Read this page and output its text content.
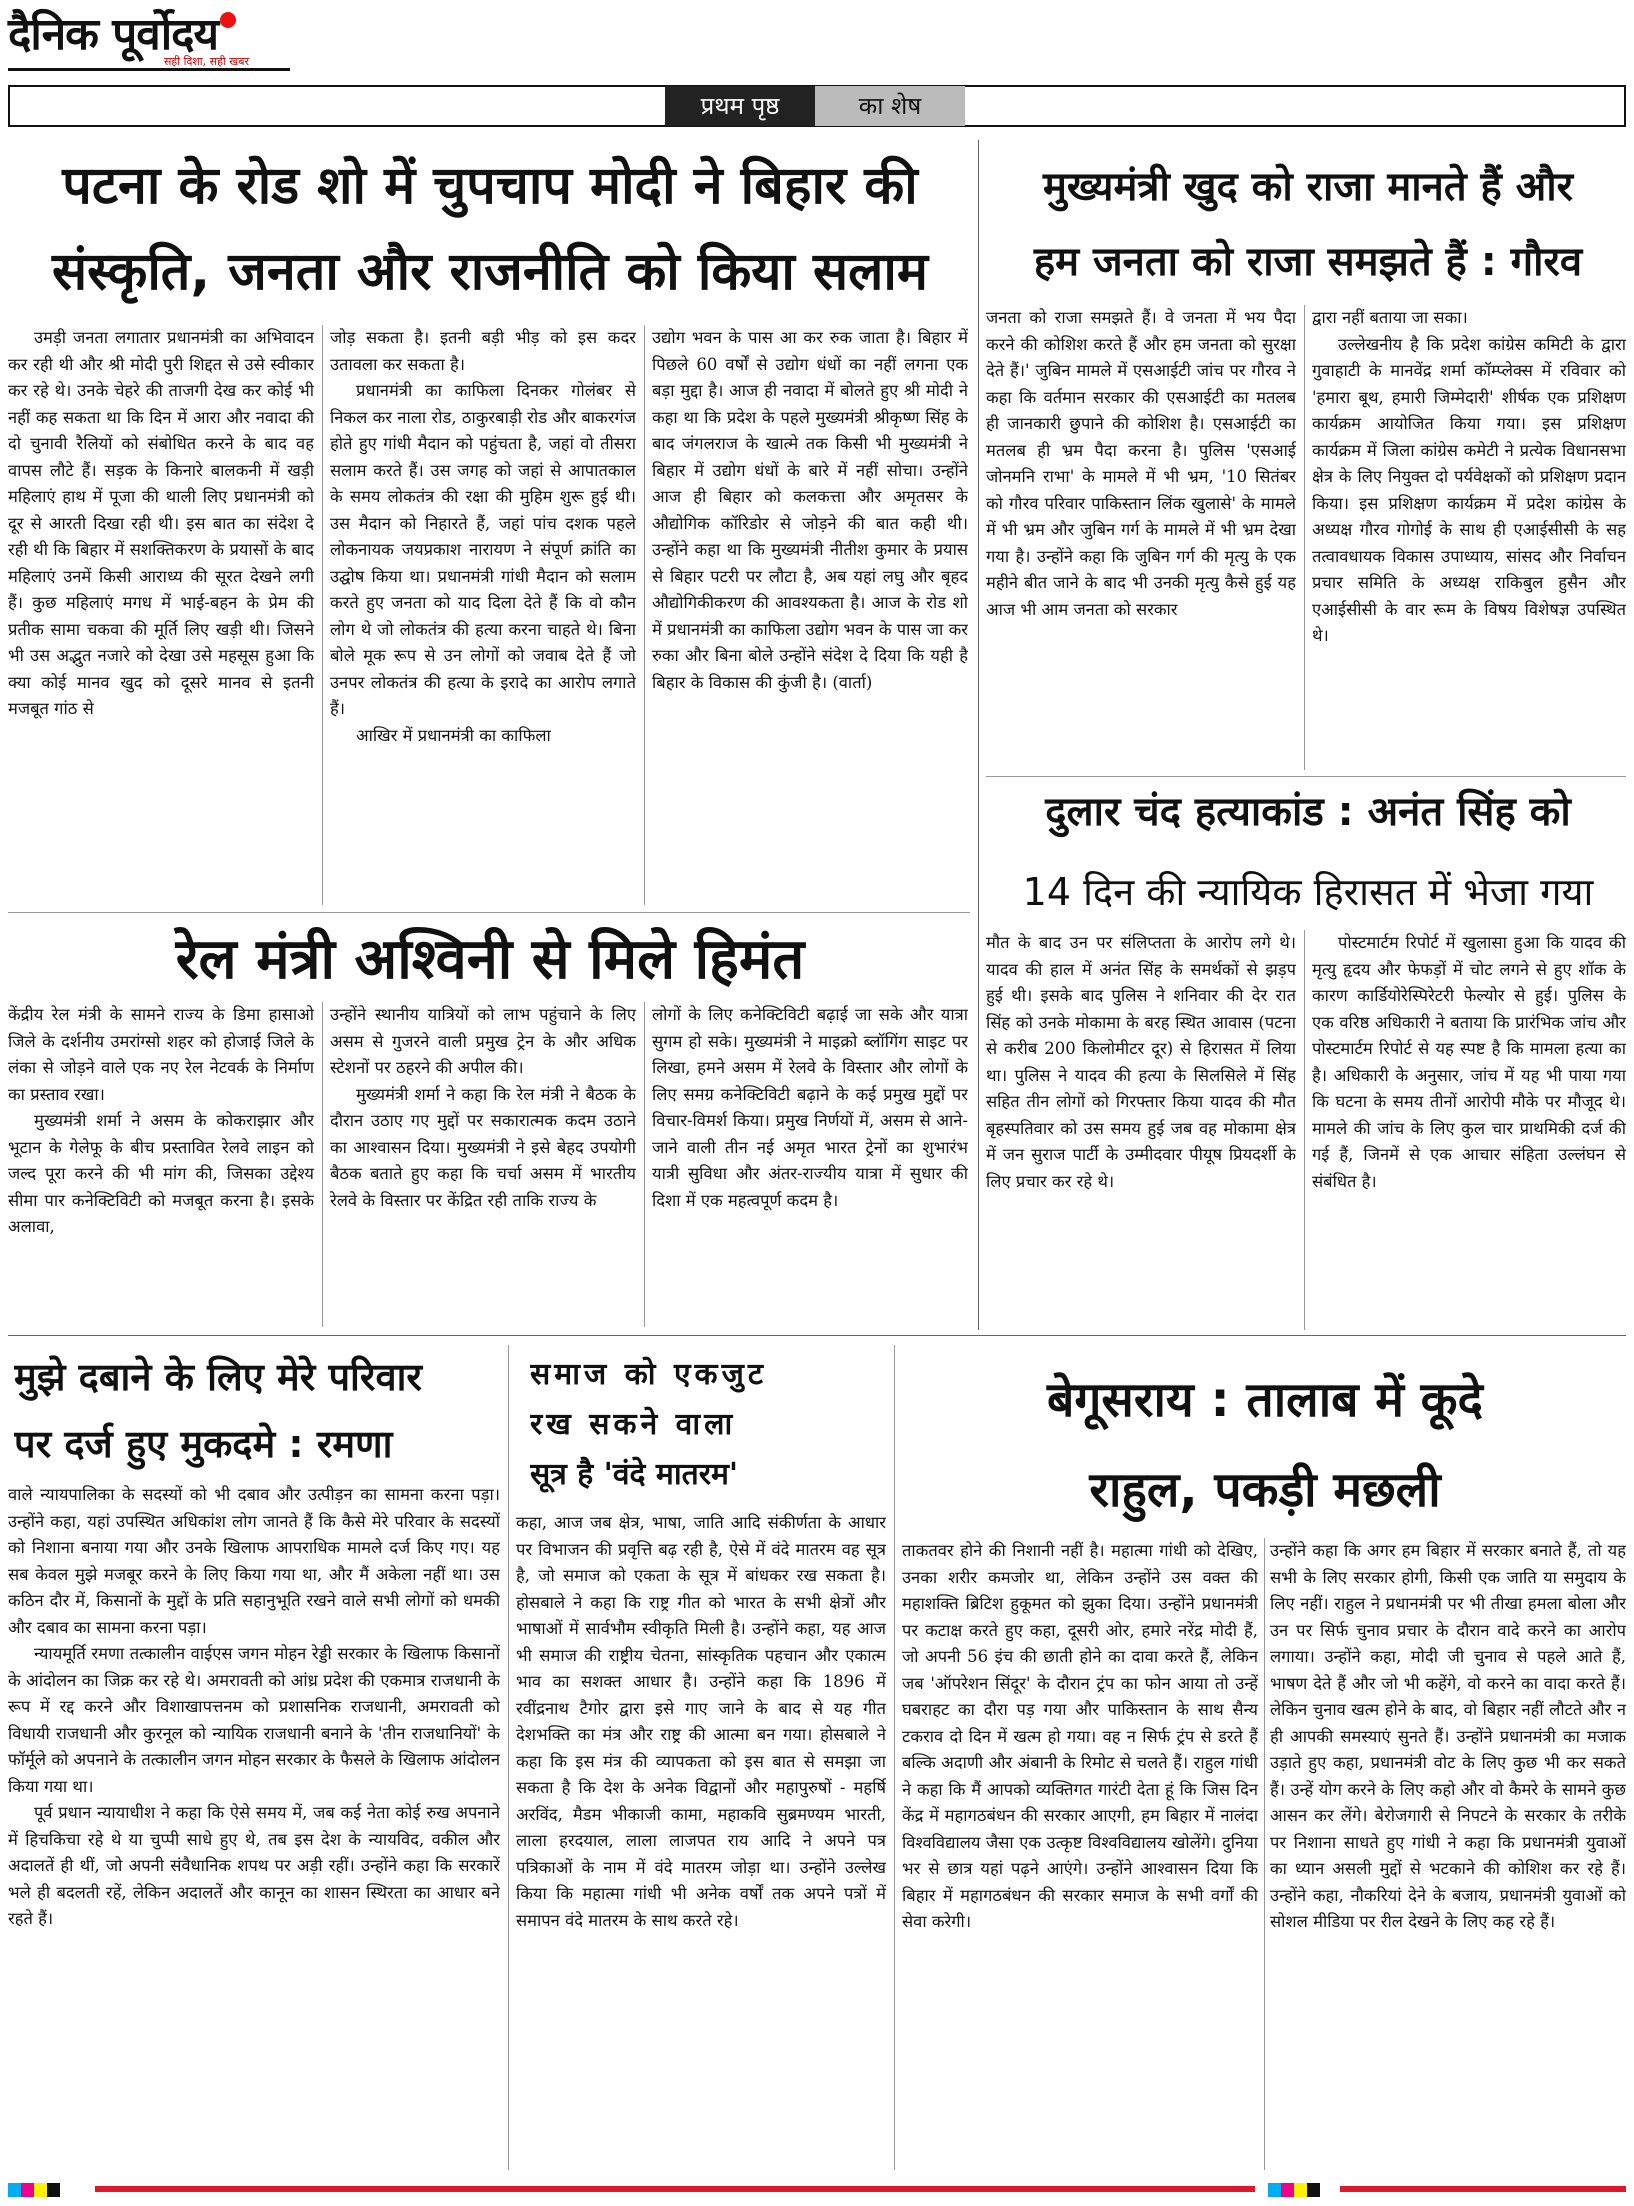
दैनिक पूर्वोदय
सही दिशा, सही खबर
प्रथम पृष्ठ	का शेष
पटना के रोड शो में चुपचाप मोदी ने बिहार की
संस्कृति, जनता और राजनीति को किया सलाम

उमड़ी जनता लगातार प्रधानमंत्री का अभिवादन कर रही थी और श्री मोदी पुरी शिद्दत से उसे स्वीकार कर रहे थे। उनके चेहरे की ताजगी देख कर कोई भी नहीं कह सकता था कि दिन में आरा और नवादा की दो चुनावी रैलियों को संबोधित करने के बाद वह वापस लौटे हैं। सड़क के किनारे बालकनी में खड़ी महिलाएं हाथ में पूजा की थाली लिए प्रधानमंत्री को दूर से आरती दिखा रही थी। इस बात का संदेश दे रही थी कि बिहार में सशक्तिकरण के प्रयासों के बाद महिलाएं उनमें किसी आराध्य की सूरत देखने लगी हैं। कुछ महिलाएं मगध में भाई-बहन के प्रेम की प्रतीक सामा चकवा की मूर्ति लिए खड़ी थी। जिसने भी उस अद्भुत नजारे को देखा उसे महसूस हुआ कि क्या कोई मानव खुद को दूसरे मानव से इतनी मजबूत गांठ से

जोड़ सकता है। इतनी बड़ी भीड़ को इस कदर उतावला कर सकता है।

प्रधानमंत्री का काफिला दिनकर गोलंबर से निकल कर नाला रोड, ठाकुरबाड़ी रोड और बाकरगंज होते हुए गांधी मैदान को पहुंचता है, जहां वो तीसरा सलाम करते हैं। उस जगह को जहां से आपातकाल के समय लोकतंत्र की रक्षा की मुहिम शुरू हुई थी। उस मैदान को निहारते हैं, जहां पांच दशक पहले लोकनायक जयप्रकाश नारायण ने संपूर्ण क्रांति का उद्घोष किया था। प्रधानमंत्री गांधी मैदान को सलाम करते हुए जनता को याद दिला देते हैं कि वो कौन लोग थे जो लोकतंत्र की हत्या करना चाहते थे। बिना बोले मूक रूप से उन लोगों को जवाब देते हैं जो उनपर लोकतंत्र की हत्या के इरादे का आरोप लगाते हैं।

आखिर में प्रधानमंत्री का काफिला

उद्योग भवन के पास आ कर रुक जाता है। बिहार में पिछले 60 वर्षों से उद्योग धंधों का नहीं लगना एक बड़ा मुद्दा है। आज ही नवादा में बोलते हुए श्री मोदी ने कहा था कि प्रदेश के पहले मुख्यमंत्री श्रीकृष्ण सिंह के बाद जंगलराज के खात्मे तक किसी भी मुख्यमंत्री ने बिहार में उद्योग धंधों के बारे में नहीं सोचा। उन्होंने आज ही बिहार को कलकत्ता और अमृतसर के औद्योगिक कॉरिडोर से जोड़ने की बात कही थी। उन्होंने कहा था कि मुख्यमंत्री नीतीश कुमार के प्रयास से बिहार पटरी पर लौटा है, अब यहां लघु और बृहद औद्योगिकीकरण की आवश्यकता है। आज के रोड शो में प्रधानमंत्री का काफिला उद्योग भवन के पास जा कर रुका और बिना बोले उन्होंने संदेश दे दिया कि यही है बिहार के विकास की कुंजी है। (वार्ता)

मुख्यमंत्री खुद को राजा मानते हैं और
हम जनता को राजा समझते हैं : गौरव

जनता को राजा समझते हैं। वे जनता में भय पैदा करने की कोशिश करते हैं और हम जनता को सुरक्षा देते हैं।' जुबिन मामले में एसआईटी जांच पर गौरव ने कहा कि वर्तमान सरकार की एसआईटी का मतलब ही जानकारी छुपाने की कोशिश है। एसआईटी का मतलब ही भ्रम पैदा करना है। पुलिस 'एसआई जोनमनि राभा' के मामले में भी भ्रम, '10 सितंबर को गौरव परिवार पाकिस्तान लिंक खुलासे' के मामले में भी भ्रम और जुबिन गर्ग के मामले में भी भ्रम देखा गया है। उन्होंने कहा कि जुबिन गर्ग की मृत्यु के एक महीने बीत जाने के बाद भी उनकी मृत्यु कैसे हुई यह आज भी आम जनता को सरकार

द्वारा नहीं बताया जा सका।

उल्लेखनीय है कि प्रदेश कांग्रेस कमिटी के द्वारा गुवाहाटी के मानवेंद्र शर्मा कॉम्प्लेक्स में रविवार को 'हमारा बूथ, हमारी जिम्मेदारी' शीर्षक एक प्रशिक्षण कार्यक्रम आयोजित किया गया। इस प्रशिक्षण कार्यक्रम में जिला कांग्रेस कमेटी ने प्रत्येक विधानसभा क्षेत्र के लिए नियुक्त दो पर्यवेक्षकों को प्रशिक्षण प्रदान किया। इस प्रशिक्षण कार्यक्रम में प्रदेश कांग्रेस के अध्यक्ष गौरव गोगोई के साथ ही एआईसीसी के सह तत्वावधायक विकास उपाध्याय, सांसद और निर्वाचन प्रचार समिति के अध्यक्ष राकिबुल हुसैन और एआईसीसी के वार रूम के विषय विशेषज्ञ उपस्थित थे।

दुलार चंद हत्याकांड : अनंत सिंह को
14 दिन की न्यायिक हिरासत में भेजा गया

मौत के बाद उन पर संलिप्तता के आरोप लगे थे। यादव की हाल में अनंत सिंह के समर्थकों से झड़प हुई थी। इसके बाद पुलिस ने शनिवार की देर रात सिंह को उनके मोकामा के बरह स्थित आवास (पटना से करीब 200 किलोमीटर दूर) से हिरासत में लिया था। पुलिस ने यादव की हत्या के सिलसिले में सिंह सहित तीन लोगों को गिरफ्तार किया यादव की मौत बृहस्पतिवार को उस समय हुई जब वह मोकामा क्षेत्र में जन सुराज पार्टी के उम्मीदवार पीयूष प्रियदर्शी के लिए प्रचार कर रहे थे।

पोस्टमार्टम रिपोर्ट में खुलासा हुआ कि यादव की मृत्यु हृदय और फेफड़ों में चोट लगने से हुए शॉक के कारण कार्डियोरेस्पिरेटरी फेल्योर से हुई। पुलिस के एक वरिष्ठ अधिकारी ने बताया कि प्रारंभिक जांच और पोस्टमार्टम रिपोर्ट से यह स्पष्ट है कि मामला हत्या का है। अधिकारी के अनुसार, जांच में यह भी पाया गया कि घटना के समय तीनों आरोपी मौके पर मौजूद थे। मामले की जांच के लिए कुल चार प्राथमिकी दर्ज की गई हैं, जिनमें से एक आचार संहिता उल्लंघन से संबंधित है।

रेल मंत्री अश्विनी से मिले हिमंत

केंद्रीय रेल मंत्री के सामने राज्य के डिमा हासाओ जिले के दर्शनीय उमरांग्सो शहर को होजाई जिले के लंका से जोड़ने वाले एक नए रेल नेटवर्क के निर्माण का प्रस्ताव रखा।

मुख्यमंत्री शर्मा ने असम के कोकराझार और भूटान के गेलेफू के बीच प्रस्तावित रेलवे लाइन को जल्द पूरा करने की भी मांग की, जिसका उद्देश्य सीमा पार कनेक्टिविटी को मजबूत करना है। इसके अलावा,

उन्होंने स्थानीय यात्रियों को लाभ पहुंचाने के लिए असम से गुजरने वाली प्रमुख ट्रेन के और अधिक स्टेशनों पर ठहरने की अपील की।

मुख्यमंत्री शर्मा ने कहा कि रेल मंत्री ने बैठक के दौरान उठाए गए मुद्दों पर सकारात्मक कदम उठाने का आश्वासन दिया। मुख्यमंत्री ने इसे बेहद उपयोगी बैठक बताते हुए कहा कि चर्चा असम में भारतीय रेलवे के विस्तार पर केंद्रित रही ताकि राज्य के

लोगों के लिए कनेक्टिविटी बढ़ाई जा सके और यात्रा सुगम हो सके। मुख्यमंत्री ने माइक्रो ब्लॉगिंग साइट पर लिखा, हमने असम में रेलवे के विस्तार और लोगों के लिए समग्र कनेक्टिविटी बढ़ाने के कई प्रमुख मुद्दों पर विचार-विमर्श किया। प्रमुख निर्णयों में, असम से आने-जाने वाली तीन नई अमृत भारत ट्रेनों का शुभारंभ यात्री सुविधा और अंतर-राज्यीय यात्रा में सुधार की दिशा में एक महत्वपूर्ण कदम है।

मुझे दबाने के लिए मेरे परिवार
पर दर्ज हुए मुकदमे : रमणा

वाले न्यायपालिका के सदस्यों को भी दबाव और उत्पीड़न का सामना करना पड़ा। उन्होंने कहा, यहां उपस्थित अधिकांश लोग जानते हैं कि कैसे मेरे परिवार के सदस्यों को निशाना बनाया गया और उनके खिलाफ आपराधिक मामले दर्ज किए गए। यह सब केवल मुझे मजबूर करने के लिए किया गया था, और मैं अकेला नहीं था। उस कठिन दौर में, किसानों के मुद्दों के प्रति सहानुभूति रखने वाले सभी लोगों को धमकी और दबाव का सामना करना पड़ा।

न्यायमूर्ति रमणा तत्कालीन वाईएस जगन मोहन रेड्डी सरकार के खिलाफ किसानों के आंदोलन का जिक्र कर रहे थे। अमरावती को आंध्र प्रदेश की एकमात्र राजधानी के रूप में रद्द करने और विशाखापत्तनम को प्रशासनिक राजधानी, अमरावती को विधायी राजधानी और कुरनूल को न्यायिक राजधानी बनाने के 'तीन राजधानियों' के फॉर्मूले को अपनाने के तत्कालीन जगन मोहन सरकार के फैसले के खिलाफ आंदोलन किया गया था।

पूर्व प्रधान न्यायाधीश ने कहा कि ऐसे समय में, जब कई नेता कोई रुख अपनाने में हिचकिचा रहे थे या चुप्पी साधे हुए थे, तब इस देश के न्यायविद, वकील और अदालतें ही थीं, जो अपनी संवैधानिक शपथ पर अड़ी रहीं। उन्होंने कहा कि सरकारें भले ही बदलती रहें, लेकिन अदालतें और कानून का शासन स्थिरता का आधार बने रहते हैं।

समाज को एकजुट
रख सकने वाला
सूत्र है 'वंदे मातरम'

कहा, आज जब क्षेत्र, भाषा, जाति आदि संकीर्णता के आधार पर विभाजन की प्रवृत्ति बढ़ रही है, ऐसे में वंदे मातरम वह सूत्र है, जो समाज को एकता के सूत्र में बांधकर रख सकता है। होसबाले ने कहा कि राष्ट्र गीत को भारत के सभी क्षेत्रों और भाषाओं में सार्वभौम स्वीकृति मिली है। उन्होंने कहा, यह आज भी समाज की राष्ट्रीय चेतना, सांस्कृतिक पहचान और एकात्म भाव का सशक्त आधार है। उन्होंने कहा कि 1896 में रवींद्रनाथ टैगोर द्वारा इसे गाए जाने के बाद से यह गीत देशभक्ति का मंत्र और राष्ट्र की आत्मा बन गया। होसबाले ने कहा कि इस मंत्र की व्यापकता को इस बात से समझा जा सकता है कि देश के अनेक विद्वानों और महापुरुषों - महर्षि अरविंद, मैडम भीकाजी कामा, महाकवि सुब्रमण्यम भारती, लाला हरदयाल, लाला लाजपत राय आदि ने अपने पत्र पत्रिकाओं के नाम में वंदे मातरम जोड़ा था। उन्होंने उल्लेख किया कि महात्मा गांधी भी अनेक वर्षों तक अपने पत्रों में समापन वंदे मातरम के साथ करते रहे।

बेगूसराय : तालाब में कूदे
राहुल, पकड़ी मछली

ताकतवर होने की निशानी नहीं है। महात्मा गांधी को देखिए, उनका शरीर कमजोर था, लेकिन उन्होंने उस वक्त की महाशक्ति ब्रिटिश हुकूमत को झुका दिया। उन्होंने प्रधानमंत्री पर कटाक्ष करते हुए कहा, दूसरी ओर, हमारे नरेंद्र मोदी हैं, जो अपनी 56 इंच की छाती होने का दावा करते हैं, लेकिन जब 'ऑपरेशन सिंदूर' के दौरान ट्रंप का फोन आया तो उन्हें घबराहट का दौरा पड़ गया और पाकिस्तान के साथ सैन्य टकराव दो दिन में खत्म हो गया। वह न सिर्फ ट्रंप से डरते हैं बल्कि अदाणी और अंबानी के रिमोट से चलते हैं। राहुल गांधी ने कहा कि मैं आपको व्यक्तिगत गारंटी देता हूं कि जिस दिन केंद्र में महागठबंधन की सरकार आएगी, हम बिहार में नालंदा विश्वविद्यालय जैसा एक उत्कृष्ट विश्वविद्यालय खोलेंगे। दुनिया भर से छात्र यहां पढ़ने आएंगे। उन्होंने आश्वासन दिया कि बिहार में महागठबंधन की सरकार समाज के सभी वर्गों की सेवा करेगी।

उन्होंने कहा कि अगर हम बिहार में सरकार बनाते हैं, तो यह सभी के लिए सरकार होगी, किसी एक जाति या समुदाय के लिए नहीं। राहुल ने प्रधानमंत्री पर भी तीखा हमला बोला और उन पर सिर्फ चुनाव प्रचार के दौरान वादे करने का आरोप लगाया। उन्होंने कहा, मोदी जी चुनाव से पहले आते हैं, भाषण देते हैं और जो भी कहेंगे, वो करने का वादा करते हैं। लेकिन चुनाव खत्म होने के बाद, वो बिहार नहीं लौटते और न ही आपकी समस्याएं सुनते हैं। उन्होंने प्रधानमंत्री का मजाक उड़ाते हुए कहा, प्रधानमंत्री वोट के लिए कुछ भी कर सकते हैं। उन्हें योग करने के लिए कहो और वो कैमरे के सामने कुछ आसन कर लेंगे। बेरोजगारी से निपटने के सरकार के तरीके पर निशाना साधते हुए गांधी ने कहा कि प्रधानमंत्री युवाओं का ध्यान असली मुद्दों से भटकाने की कोशिश कर रहे हैं। उन्होंने कहा, नौकरियां देने के बजाय, प्रधानमंत्री युवाओं को सोशल मीडिया पर रील देखने के लिए कह रहे हैं।
